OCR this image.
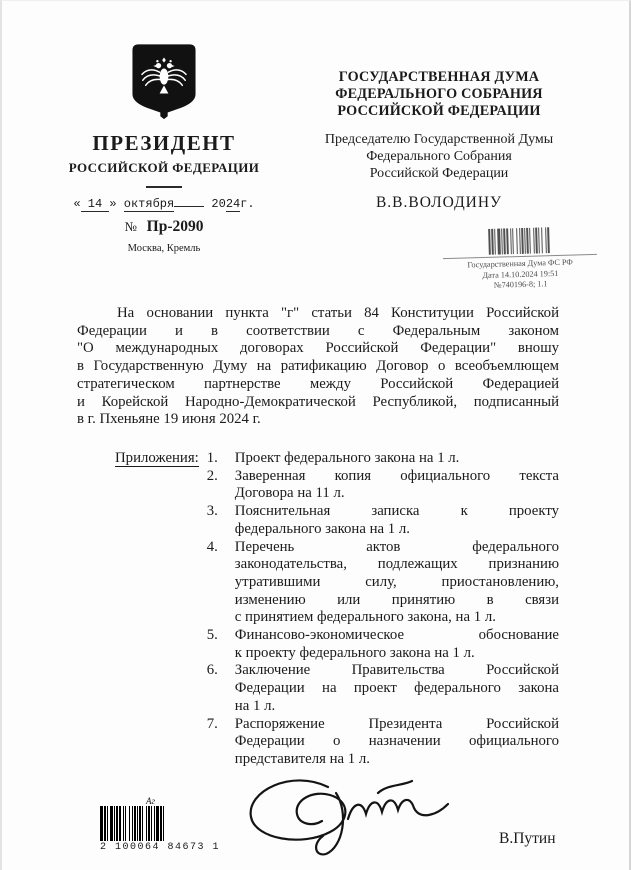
ПРЕЗИДЕНТ
РОССИЙСКОЙ ФЕДЕРАЦИИ
« 14 » октября	2024г.
№ Пр-2090
Москва, Кремль
ГОСУДАРСТВЕННАЯ ДУМА
ФЕДЕРАЛЬНОГО СОБРАНИЯ
РОССИЙСКОЙ ФЕДЕРАЦИИ
Председателю Государственной Думы
Федерального Собрания
Российской Федерации
В.В.ВОЛОДИНУ
Государственная Дума ФС РФ
Дата 14.10.2024 19:51
№740196-8; 1.1
На основании пункта "г" статьи 84 Конституции Российской
Федерации и в соответствии с Федеральным законом
"О международных договорах Российской Федерации" вношу
в Государственную Думу на ратификацию Договор о всеобъемлющем
стратегическом партнерстве между Российской Федерацией
и Корейской Народно-Демократической Республикой, подписанный
в г. Пхеньяне 19 июня 2024 г.
Приложения: 1.	Проект федерального закона на 1 л.
2.	Заверенная копия официального текста
Договора на 11 л.
3.	Пояснительная записка к проекту
федерального закона на 1 л.
4.	Перечень актов федерального
законодательства, подлежащих признанию
утратившими силу, приостановлению,
изменению или принятию в связи
с принятием федерального закона, на 1 л.
5.	Финансово-экономическое обоснование
к проекту федерального закона на 1 л.
6.	Заключение Правительства Российской
Федерации на проект федерального закона
на 1 л.
7.	Распоряжение Президента Российской
Федерации о назначении официального
представителя на 1 л.
Аг
2 100064 84673 1
В.Путин
